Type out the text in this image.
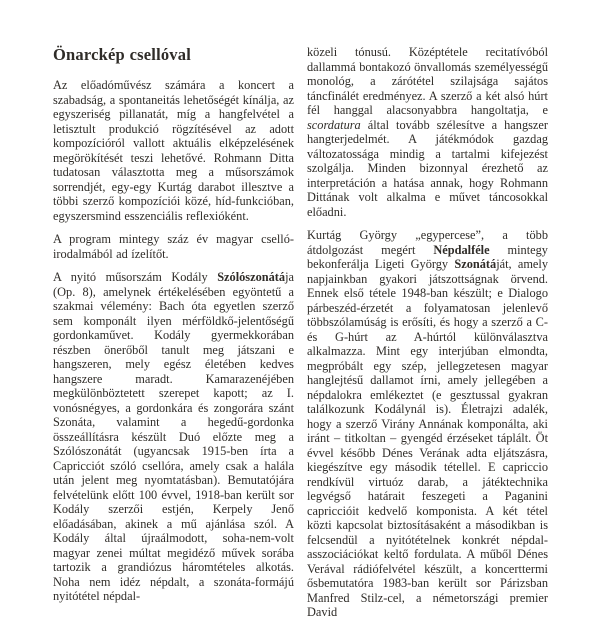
Önarckép csellóval

Az előadóművész számára a koncert a szabadság, a spontaneitás lehetőségét kínálja, az egyszeriség pillanatát, míg a hangfelvétel a letisztult produkció rögzítésével az adott kompozícióról vallott aktuális elképzelésének megörökítését teszi lehetővé. Rohmann Ditta tudatosan választotta meg a műsorszámok sorrendjét, egy-egy Kurtág darabot illesztve a többi szerző kompozíciói közé, híd-funkcióban, egyszersmind esszenciális reflexióként.

A program mintegy száz év magyar cselló-irodalmából ad ízelítőt.

A nyitó műsorszám Kodály Szólószonátája (Op. 8), amelynek értékelésében egyöntetű a szakmai vélemény: Bach óta egyetlen szerző sem komponált ilyen mérföldkő-jelentőségű gordonkaművet. Kodály gyermekkorában részben önerőből tanult meg játszani e hangszeren, mely egész életében kedves hangszere maradt. Kamarazenéjében megkülönböztetett szerepet kapott; az I. vonósnégyes, a gordonkára és zongorára szánt Szonáta, valamint a hegedű-gordonka összeállításra készült Duó előzte meg a Szólószonátát (ugyancsak 1915-ben írta a Capricciót szóló csellóra, amely csak a halála után jelent meg nyomtatásban). Bemutatójára felvételünk előtt 100 évvel, 1918-ban került sor Kodály szerzői estjén, Kerpely Jenő előadásában, akinek a mű ajánlása szól. A Kodály által újraálmodott, soha-nem-volt magyar zenei múltat megidéző művek sorába tartozik a grandiózus háromtételes alkotás. Noha nem idéz népdalt, a szonáta-formájú nyitótétel népdal-

közeli tónusú. Középtétele recitatívóból dallammá bontakozó önvallomás személyességű monológ, a zárótétel szilajsága sajátos táncfinálét eredményez. A szerző a két alsó húrt fél hanggal alacsonyabbra hangoltatja, e scordatura által tovább szélesítve a hangszer hangterjedelmét. A játékmódok gazdag változatossága mindig a tartalmi kifejezést szolgálja. Minden bizonnyal érezhető az interpretáción a hatása annak, hogy Rohmann Dittának volt alkalma e művet táncosokkal előadni.

Kurtág György „egypercese”, a több átdolgozást megért Népdalféle mintegy bekonferálja Ligeti György Szonátáját, amely napjainkban gyakori játszottságnak örvend. Ennek első tétele 1948-ban készült; e Dialogo párbeszéd-érzetét a folyamatosan jelenlevő többszólamúság is erősíti, és hogy a szerző a C- és G-húrt az A-húrtól különválasztva alkalmazza. Mint egy interjúban elmondta, megpróbált egy szép, jellegzetesen magyar hanglejtésű dallamot írni, amely jellegében a népdalokra emlékeztet (e gesztussal gyakran találkozunk Kodálynál is). Életrajzi adalék, hogy a szerző Virány Annának komponálta, aki iránt – titkoltan – gyengéd érzéseket táplált. Öt évvel később Dénes Verának adta eljátszásra, kiegészítve egy második tétellel. E capriccio rendkívül virtuóz darab, a játéktechnika legvégső határait feszegeti a Paganini capriccióit kedvelő komponista. A két tétel közti kapcsolat biztosításaként a másodikban is felcsendül a nyitótételnek konkrét népdal-asszociációkat keltő fordulata. A műből Dénes Verával rádiófelvétel készült, a koncerttermi ősbemutatóra 1983-ban került sor Párizsban Manfred Stilz-cel, a németországi premier David
